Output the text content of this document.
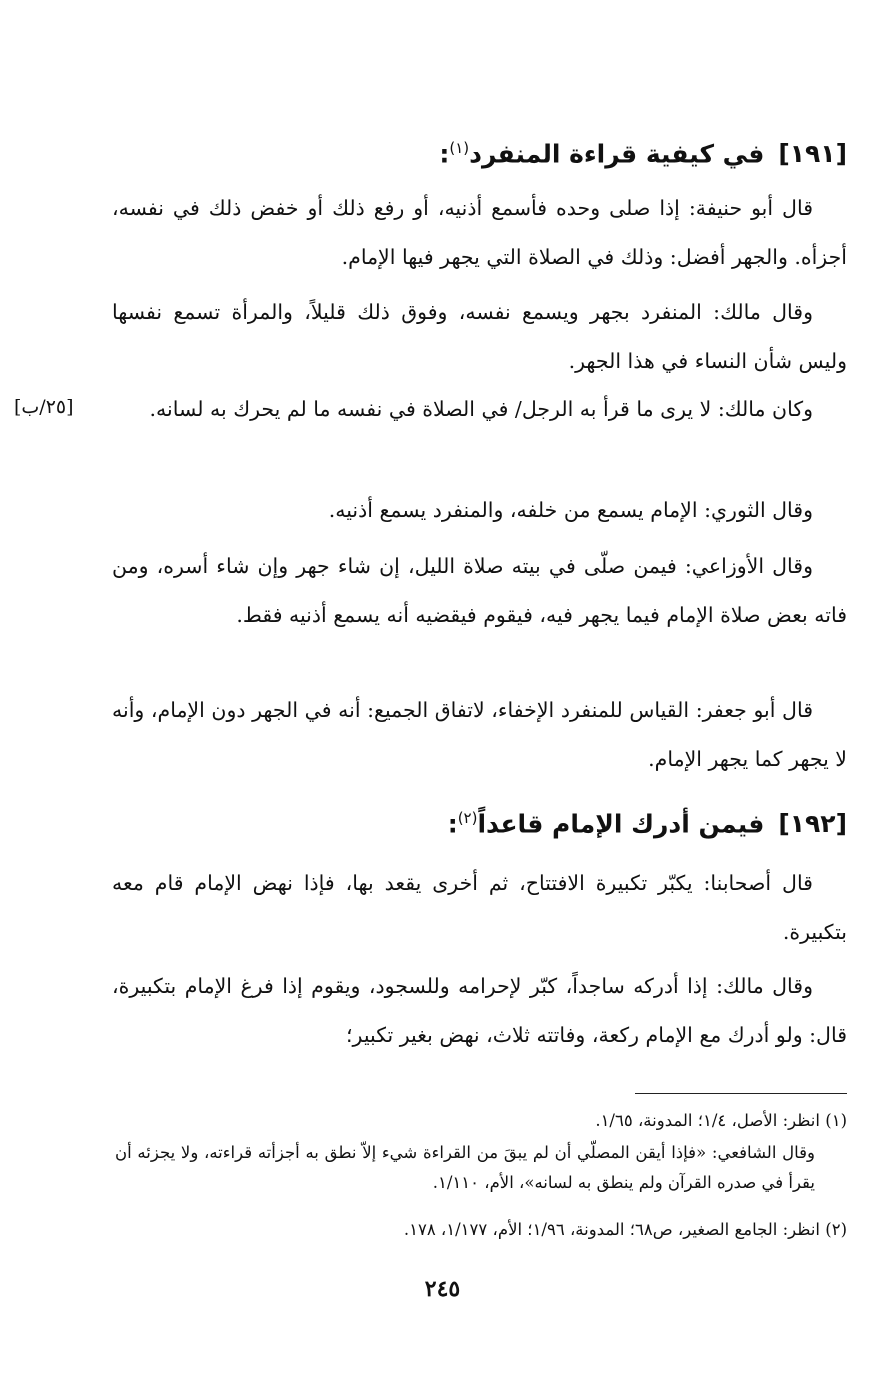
[١٩١]في كيفية قراءة المنفرد$^{(١)}$:

قال أبو حنيفة: إذا صلى وحده فأسمع أذنيه، أو رفع ذلك أو خفض ذلك في نفسه، أجزأه. والجهر أفضل: وذلك في الصلاة التي يجهر فيها الإمام.

وقال مالك: المنفرد بجهر ويسمع نفسه، وفوق ذلك قليلاً، والمرأة تسمع نفسها وليس شأن النساء في هذا الجهر.

وكان مالك: لا يرى ما قرأ به الرجل/ في الصلاة في نفسه ما لم يحرك به لسانه.

وقال الثوري: الإمام يسمع من خلفه، والمنفرد يسمع أذنيه.

وقال الأوزاعي: فيمن صلّى في بيته صلاة الليل، إن شاء جهر وإن شاء أسره، ومن فاته بعض صلاة الإمام فيما يجهر فيه، فيقوم فيقضيه أنه يسمع أذنيه فقط.

قال أبو جعفر: القياس للمنفرد الإخفاء، لاتفاق الجميع: أنه في الجهر دون الإمام، وأنه لا يجهر كما يجهر الإمام.

[٢٥/ب]
[١٩٢]فيمن أدرك الإمام قاعداً$^{(٢)}$:

قال أصحابنا: يكبّر تكبيرة الافتتاح، ثم أخرى يقعد بها، فإذا نهض الإمام قام معه بتكبيرة.

وقال مالك: إذا أدركه ساجداً، كبّر لإحرامه وللسجود، ويقوم إذا فرغ الإمام بتكبيرة، قال: ولو أدرك مع الإمام ركعة، وفاتته ثلاث، نهض بغير تكبير؛

(١) انظر: الأصل، ١/٤؛ المدونة، ١/٦٥.
وقال الشافعي: «فإذا أيقن المصلّي أن لم يبقَ من القراءة شيء إلاّ نطق به أجزأته قراءته، ولا يجزئه أن يقرأ في صدره القرآن ولم ينطق به لسانه»، الأم، ١/١١٠.
(٢) انظر: الجامع الصغير، ص٦٨؛ المدونة، ١/٩٦؛ الأم، ١/١٧٧، ١٧٨.
٢٤٥
